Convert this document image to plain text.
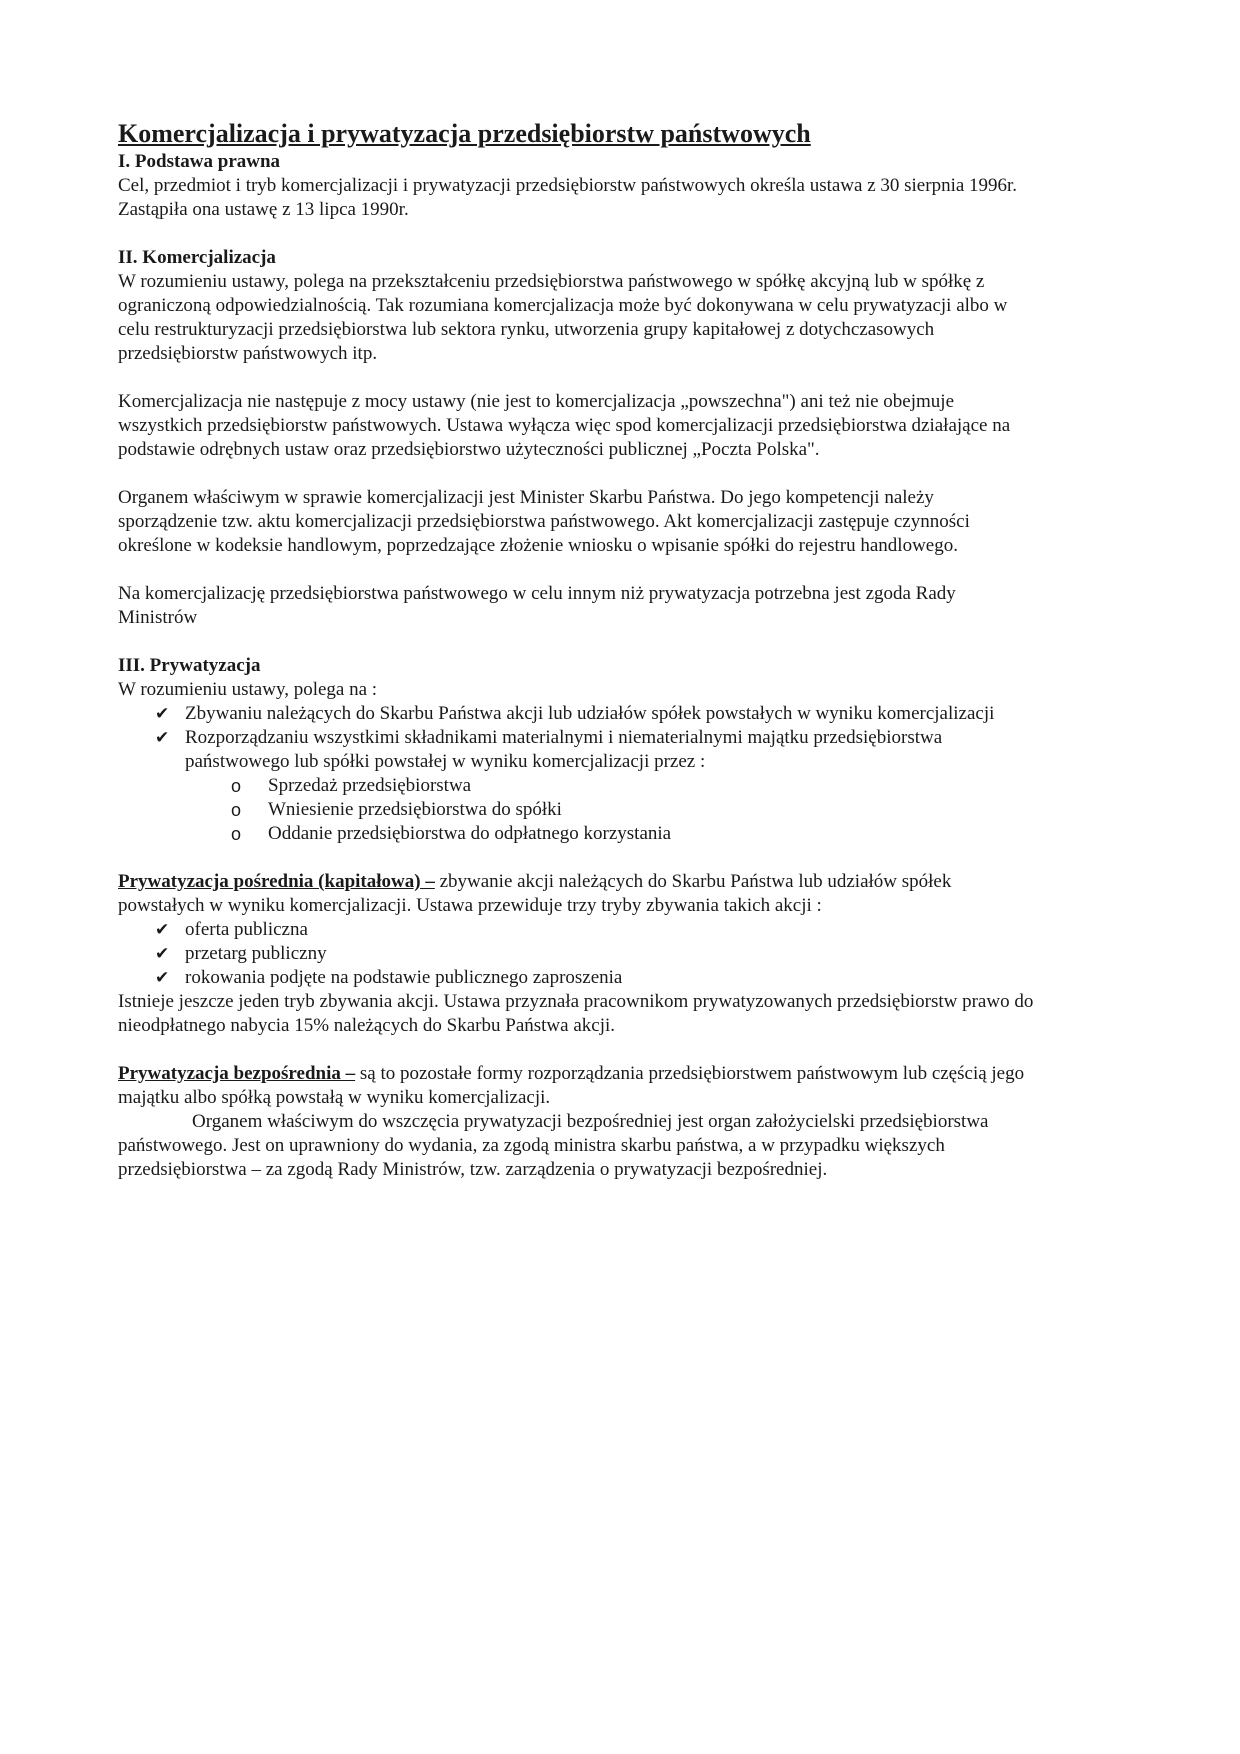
Komercjalizacja i prywatyzacja przedsiębiorstw państwowych
I. Podstawa prawna

Cel, przedmiot i tryb komercjalizacji i prywatyzacji przedsiębiorstw państwowych określa ustawa z 30 sierpnia 1996r.
Zastąpiła ona ustawę z 13 lipca 1990r.

II. Komercjalizacja

W rozumieniu ustawy, polega na przekształceniu przedsiębiorstwa państwowego w spółkę akcyjną lub w spółkę z
ograniczoną odpowiedzialnością. Tak rozumiana komercjalizacja może być dokonywana w celu prywatyzacji albo w
celu restrukturyzacji przedsiębiorstwa lub sektora rynku, utworzenia grupy kapitałowej z dotychczasowych
przedsiębiorstw państwowych itp.

Komercjalizacja nie następuje z mocy ustawy (nie jest to komercjalizacja „powszechna") ani też nie obejmuje
wszystkich przedsiębiorstw państwowych. Ustawa wyłącza więc spod komercjalizacji przedsiębiorstwa działające na
podstawie odrębnych ustaw oraz przedsiębiorstwo użyteczności publicznej „Poczta Polska".

Organem właściwym w sprawie komercjalizacji jest Minister Skarbu Państwa. Do jego kompetencji należy
sporządzenie tzw. aktu komercjalizacji przedsiębiorstwa państwowego. Akt komercjalizacji zastępuje czynności
określone w kodeksie handlowym, poprzedzające złożenie wniosku o wpisanie spółki do rejestru handlowego.

Na komercjalizację przedsiębiorstwa państwowego w celu innym niż prywatyzacja potrzebna jest zgoda Rady
Ministrów

III. Prywatyzacja

W rozumieniu ustawy, polega na :

✔ Zbywaniu należących do Skarbu Państwa akcji lub udziałów spółek powstałych w wyniku komercjalizacji
✔ Rozporządzaniu wszystkimi składnikami materialnymi i niematerialnymi majątku przedsiębiorstwa
państwowego lub spółki powstałej w wyniku komercjalizacji przez :
o Sprzedaż przedsiębiorstwa
o Wniesienie przedsiębiorstwa do spółki
o Oddanie przedsiębiorstwa do odpłatnego korzystania

Prywatyzacja pośrednia (kapitałowa) – zbywanie akcji należących do Skarbu Państwa lub udziałów spółek
powstałych w wyniku komercjalizacji. Ustawa przewiduje trzy tryby zbywania takich akcji :

✔ oferta publiczna
✔ przetarg publiczny
✔ rokowania podjęte na podstawie publicznego zaproszenia

Istnieje jeszcze jeden tryb zbywania akcji. Ustawa przyznała pracownikom prywatyzowanych przedsiębiorstw prawo do
nieodpłatnego nabycia 15% należących do Skarbu Państwa akcji.

Prywatyzacja bezpośrednia – są to pozostałe formy rozporządzania przedsiębiorstwem państwowym lub częścią jego
majątku albo spółką powstałą w wyniku komercjalizacji.

Organem właściwym do wszczęcia prywatyzacji bezpośredniej jest organ założycielski przedsiębiorstwa
państwowego. Jest on uprawniony do wydania, za zgodą ministra skarbu państwa, a w przypadku większych
przedsiębiorstwa – za zgodą Rady Ministrów, tzw. zarządzenia o prywatyzacji bezpośredniej.
